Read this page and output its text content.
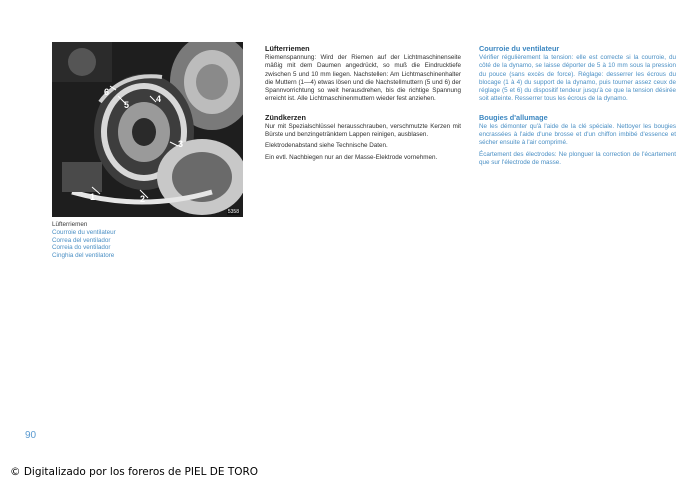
1	2
3
4
5
6
5358
Lüfterriemen
Courroie du ventilateur
Correa del ventilador
Correia do ventilador
Cinghia del ventilatore
Lüfterriemen

Riemenspannung: Wird der Riemen auf der Lichtmaschinenseite mäßig mit dem Daumen angedrückt, so muß die Eindrucktiefe zwischen 5 und 10 mm liegen. Nachstellen: Am Lichtmaschinenhalter die Muttern (1—4) etwas lösen und die Nachstellmuttern (5 und 6) der Spannvorrichtung so weit herausdrehen, bis die richtige Spannung erreicht ist. Alle Lichtmaschinenmuttern wieder fest anziehen.

Zündkerzen

Nur mit Spezialschlüssel herausschrauben, verschmutzte Kerzen mit Bürste und benzingetränktem Lappen reinigen, ausblasen.

Elektrodenabstand siehe Technische Daten.

Ein evtl. Nachbiegen nur an der Masse-Elektrode vornehmen.

Courroie du ventilateur

Vérifier régulièrement la tension: elle est correcte si la courroie, du côté de la dynamo, se laisse déporter de 5 à 10 mm sous la pression du pouce (sans excès de force). Réglage: desserrer les écrous du blocage (1 à 4) du support de la dynamo, puis tourner assez ceux de réglage (5 et 6) du dispositif tendeur jusqu'à ce que la tension désirée soit atteinte. Resserrer tous les écrous de la dynamo.

Bougies d'allumage

Ne les démonter qu'à l'aide de la clé spéciale. Nettoyer les bougies encrassées à l'aide d'une brosse et d'un chiffon imbibé d'essence et sécher ensuite à l'air comprimé.

Écartement des électrodes: Ne plonguer la correction de l'écartement que sur l'électrode de masse.

90
© Digitalizado por los foreros de PIEL DE TORO
